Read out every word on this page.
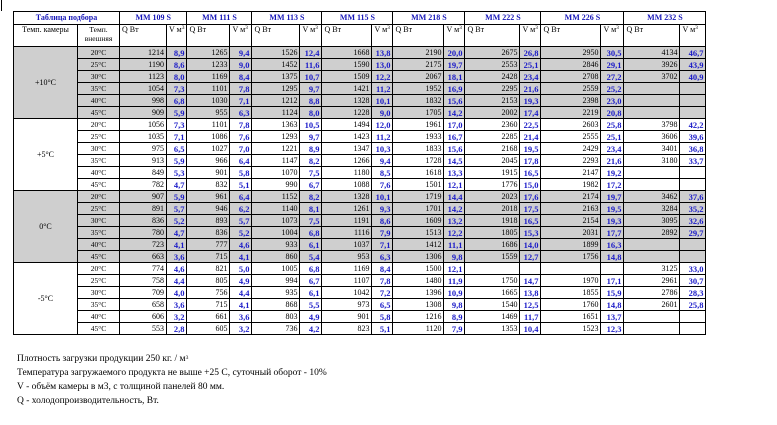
Таблица подбора		MM 109 S		MM 111 S		MM 113 S		MM 115 S		MM 218 S		MM 222 S		MM 226 S		MM 232 S	
Темп. камеры	Темп. внешняя	Q Вт	V $м^3$	Q Вт	V $м^3$	Q Вт	V $м^3$	Q Вт	V $м^3$	Q Вт	V $м^3$	Q Вт	V $м^3$	Q Вт	V $м^3$	Q Вт	V $м^3$
+10°C	20°C	1214	8,9	1265	9,4	1526	12,4	1668	13,8	2190	20,0	2675	26,8	2950	30,5	4134	46,7
	25°C	1190	8,6	1233	9,0	1452	11,6	1590	13,0	2175	19,7	2553	25,1	2846	29,1	3926	43,9
	30°C	1123	8,0	1169	8,4	1375	10,7	1509	12,2	2067	18,1	2428	23,4	2708	27,2	3702	40,9
	35°C	1054	7,3	1101	7,8	1295	9,7	1421	11,2	1952	16,9	2295	21,6	2559	25,2		
	40°C	998	6,8	1030	7,1	1212	8,8	1328	10,1	1832	15,6	2153	19,3	2398	23,0		
	45°C	909	5,9	955	6,3	1124	8,0	1228	9,0	1705	14,2	2002	17,4	2219	20,8		
+5°C	20°C	1056	7,3	1101	7,8	1363	10,5	1494	12,0	1961	17,0	2360	22,5	2603	25,8	3798	42,2
	25°C	1035	7,1	1086	7,6	1293	9,7	1423	11,2	1933	16,7	2285	21,4	2555	25,1	3606	39,6
	30°C	975	6,5	1027	7,0	1221	8,9	1347	10,3	1833	15,6	2168	19,5	2429	23,4	3401	36,8
	35°C	913	5,9	966	6,4	1147	8,2	1266	9,4	1728	14,5	2045	17,8	2293	21,6	3180	33,7
	40°C	849	5,3	901	5,8	1070	7,5	1180	8,5	1618	13,3	1915	16,5	2147	19,2		
	45°C	782	4,7	832	5,1	990	6,7	1088	7,6	1501	12,1	1776	15,0	1982	17,2		
0°C	20°C	907	5,9	961	6,4	1152	8,2	1328	10,1	1719	14,4	2023	17,6	2174	19,7	3462	37,6
	25°C	891	5,7	946	6,2	1140	8,1	1261	9,3	1701	14,2	2018	17,5	2163	19,5	3284	35,2
	30°C	836	5,2	893	5,7	1073	7,5	1191	8,6	1609	13,2	1918	16,5	2154	19,3	3095	32,6
	35°C	780	4,7	836	5,2	1004	6,8	1116	7,9	1513	12,2	1805	15,3	2031	17,7	2892	29,7
	40°C	723	4,1	777	4,6	933	6,1	1037	7,1	1412	11,1	1686	14,0	1899	16,3		
	45°C	663	3,6	715	4,1	860	5,4	953	6,3	1306	9,8	1559	12,7	1756	14,8		
-5°C	20°C	774	4,6	821	5,0	1005	6,8	1169	8,4	1500	12,1					3125	33,0
	25°C	758	4,4	805	4,9	994	6,7	1107	7,8	1480	11,9	1750	14,7	1970	17,1	2961	30,7
	30°C	709	4,0	756	4,4	935	6,1	1042	7,2	1396	10,9	1665	13,8	1855	15,9	2786	28,3
	35°C	658	3,6	715	4,1	868	5,5	973	6,5	1308	9,8	1540	12,5	1760	14,8	2601	25,8
	40°C	606	3,2	661	3,6	803	4,9	901	5,8	1216	8,9	1469	11,7	1651	13,7		
	45°C	553	2,8	605	3,2	736	4,2	823	5,1	1120	7,9	1353	10,4	1523	12,3		
Плотность загрузки продукции 250 кг. / $м^3$
Температура загружаемого продукта не выше +25 С, суточный оборот - 10%
V - объём камеры в м3, с толщиной панелей 80 мм.
Q - холодопроизводительность, Вт.
